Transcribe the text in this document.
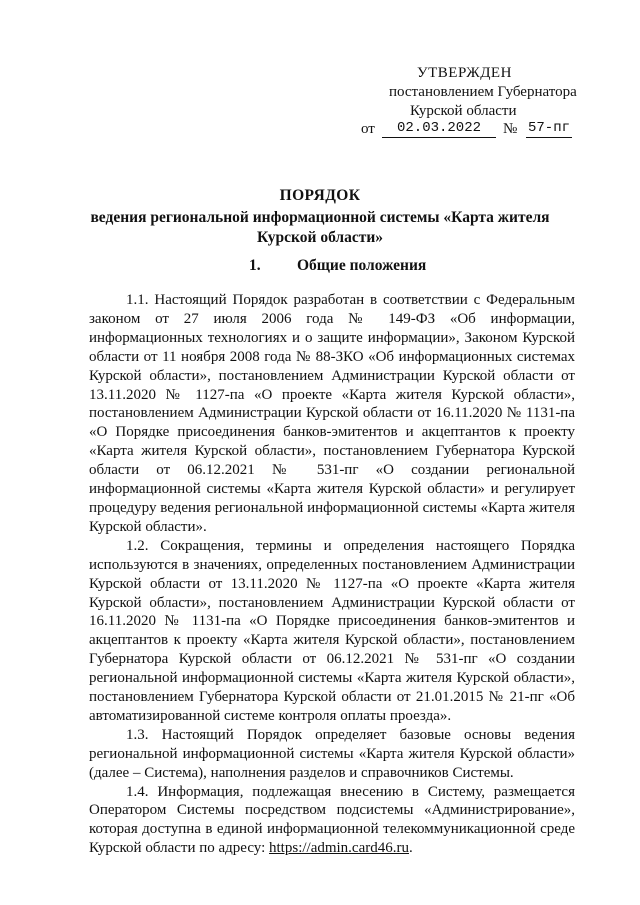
УТВЕРЖДЕН
постановлением Губернатора
Курской области
от	02.03.2022	№ 57-пг
ПОРЯДОК
ведения региональной информационной системы «Карта жителя Курской области»
1. Общие положения

1.1. Настоящий Порядок разработан в соответствии с Федеральным законом от 27 июля 2006 года № 149-ФЗ «Об информации, информационных технологиях и о защите информации», Законом Курской области от 11 ноября 2008 года № 88-ЗКО «Об информационных системах Курской области», постановлением Администрации Курской области от 13.11.2020 № 1127-па «О проекте «Карта жителя Курской области», постановлением Администрации Курской области от 16.11.2020 № 1131-па «О Порядке присоединения банков-эмитентов и акцептантов к проекту «Карта жителя Курской области», постановлением Губернатора Курской области от 06.12.2021 № 531-пг «О создании региональной информационной системы «Карта жителя Курской области» и регулирует процедуру ведения региональной информационной системы «Карта жителя Курской области».

1.2. Сокращения, термины и определения настоящего Порядка используются в значениях, определенных постановлением Администрации Курской области от 13.11.2020 № 1127-па «О проекте «Карта жителя Курской области», постановлением Администрации Курской области от 16.11.2020 № 1131-па «О Порядке присоединения банков-эмитентов и акцептантов к проекту «Карта жителя Курской области», постановлением Губернатора Курской области от 06.12.2021 № 531-пг «О создании региональной информационной системы «Карта жителя Курской области», постановлением Губернатора Курской области от 21.01.2015 № 21-пг «Об автоматизированной системе контроля оплаты проезда».

1.3. Настоящий Порядок определяет базовые основы ведения региональной информационной системы «Карта жителя Курской области» (далее – Система), наполнения разделов и справочников Системы.

1.4. Информация, подлежащая внесению в Систему, размещается Оператором Системы посредством подсистемы «Администрирование», которая доступна в единой информационной телекоммуникационной среде Курской области по адресу: https://admin.card46.ru.
